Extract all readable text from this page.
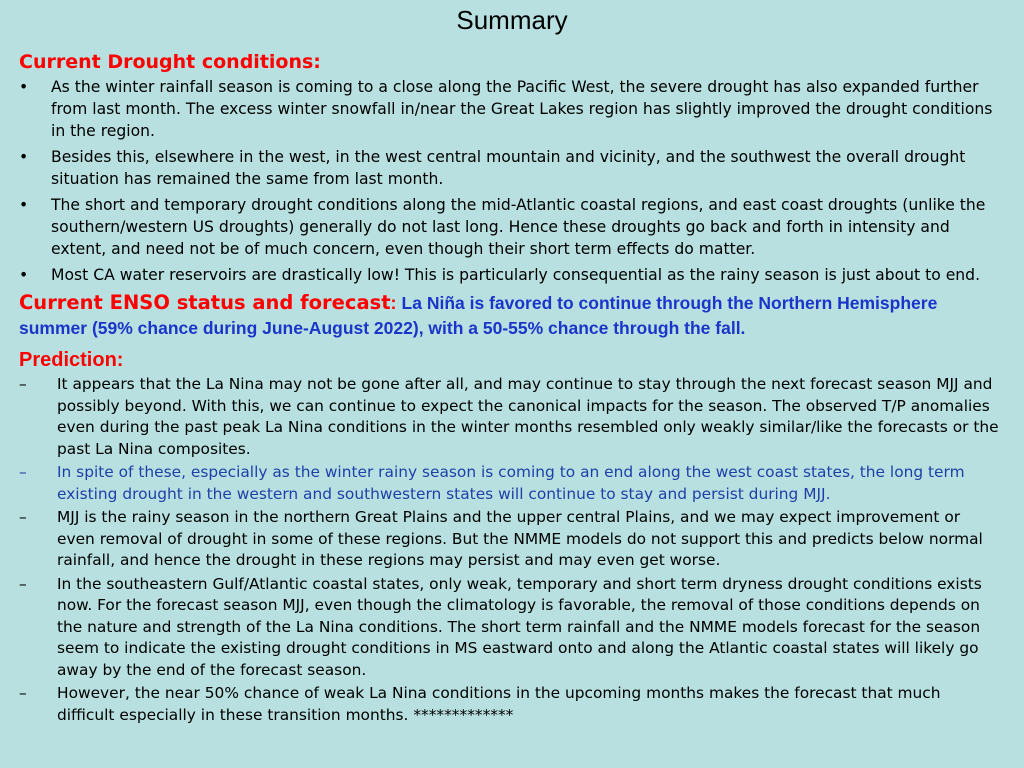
Summary
Current Drought conditions:
•	As the winter rainfall season is coming to a close along the Pacific West, the severe drought has also expanded further from last month. The excess winter snowfall in/near the Great Lakes region has slightly improved the drought conditions in the region.
•	Besides this, elsewhere in the west, in the west central mountain and vicinity, and the southwest the overall drought situation has remained the same from last month.
•	The short and temporary drought conditions along the mid-Atlantic coastal regions, and east coast droughts (unlike the southern/western US droughts) generally do not last long. Hence these droughts go back and forth in intensity and extent, and need not be of much concern, even though their short term effects do matter.
•	Most CA water reservoirs are drastically low! This is particularly consequential as the rainy season is just about to end.
Current ENSO status and forecast: La Niña is favored to continue through the Northern Hemisphere summer (59% chance during June-August 2022), with a 50-55% chance through the fall.
Prediction:
–	It appears that the La Nina may not be gone after all, and may continue to stay through the next forecast season MJJ and possibly beyond. With this, we can continue to expect the canonical impacts for the season. The observed T/P anomalies even during the past peak La Nina conditions in the winter months resembled only weakly similar/like the forecasts or the past La Nina composites.
–	In spite of these, especially as the winter rainy season is coming to an end along the west coast states, the long term existing drought in the western and southwestern states will continue to stay and persist during MJJ.
–	MJJ is the rainy season in the northern Great Plains and the upper central Plains, and we may expect improvement or even removal of drought in some of these regions. But the NMME models do not support this and predicts below normal rainfall, and hence the drought in these regions may persist and may even get worse.
–	In the southeastern Gulf/Atlantic coastal states, only weak, temporary and short term dryness drought conditions exists now. For the forecast season MJJ, even though the climatology is favorable, the removal of those conditions depends on the nature and strength of the La Nina conditions. The short term rainfall and the NMME models forecast for the season seem to indicate the existing drought conditions in MS eastward onto and along the Atlantic coastal states will likely go away by the end of the forecast season.
–	However, the near 50% chance of weak La Nina conditions in the upcoming months makes the forecast that much difficult especially in these transition months. *************
